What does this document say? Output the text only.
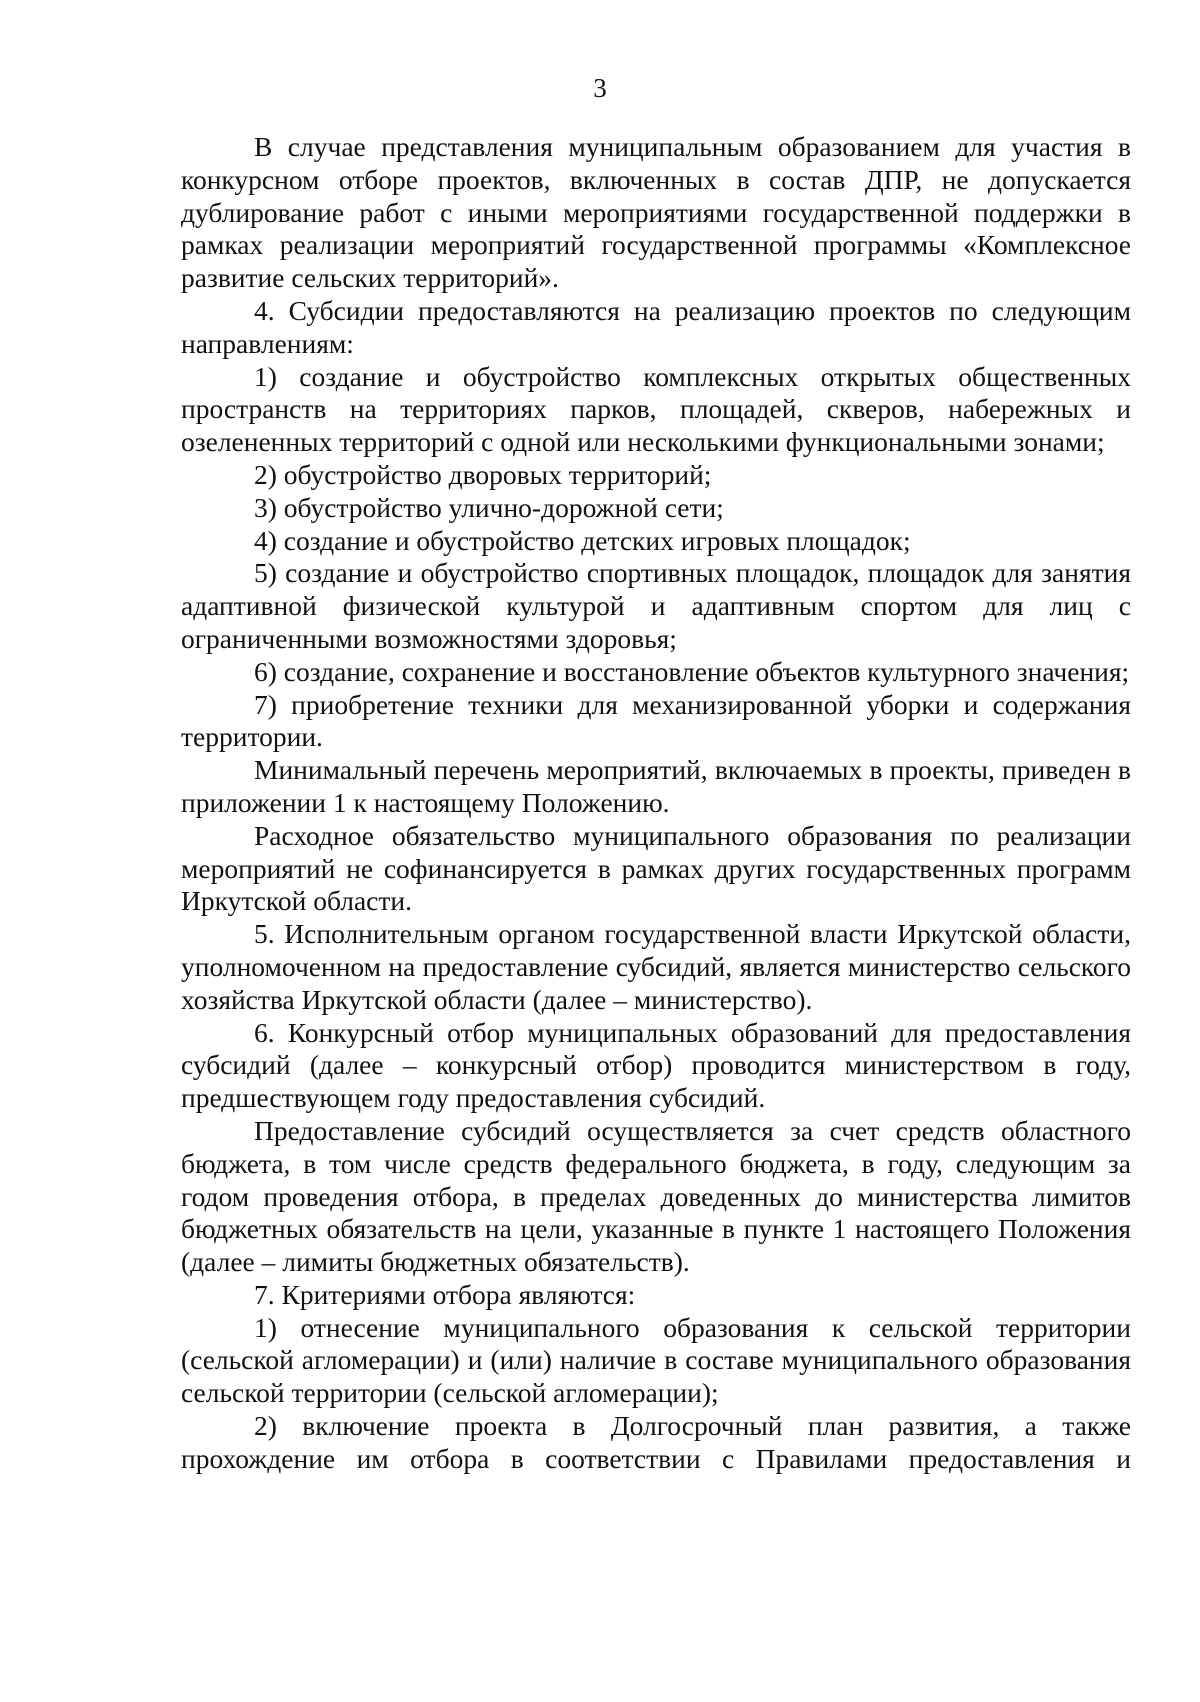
3

В случае представления муниципальным образованием для участия в конкурсном отборе проектов, включенных в состав ДПР, не допускается дублирование работ с иными мероприятиями государственной поддержки в рамках реализации мероприятий государственной программы «Комплексное развитие сельских территорий».

4. Субсидии предоставляются на реализацию проектов по следующим направлениям:

1) создание и обустройство комплексных открытых общественных пространств на территориях парков, площадей, скверов, набережных и озелененных территорий с одной или несколькими функциональными зонами;

2) обустройство дворовых территорий;

3) обустройство улично-дорожной сети;

4) создание и обустройство детских игровых площадок;

5) создание и обустройство спортивных площадок, площадок для занятия адаптивной физической культурой и адаптивным спортом для лиц с ограниченными возможностями здоровья;

6) создание, сохранение и восстановление объектов культурного значения;

7) приобретение техники для механизированной уборки и содержания территории.

Минимальный перечень мероприятий, включаемых в проекты, приведен в приложении 1 к настоящему Положению.

Расходное обязательство муниципального образования по реализации мероприятий не софинансируется в рамках других государственных программ Иркутской области.

5. Исполнительным органом государственной власти Иркутской области, уполномоченном на предоставление субсидий, является министерство сельского хозяйства Иркутской области (далее – министерство).

6. Конкурсный отбор муниципальных образований для предоставления субсидий (далее – конкурсный отбор) проводится министерством в году, предшествующем году предоставления субсидий.

Предоставление субсидий осуществляется за счет средств областного бюджета, в том числе средств федерального бюджета, в году, следующим за годом проведения отбора, в пределах доведенных до министерства лимитов бюджетных обязательств на цели, указанные в пункте 1 настоящего Положения (далее – лимиты бюджетных обязательств).

7. Критериями отбора являются:

1) отнесение муниципального образования к сельской территории (сельской агломерации) и (или) наличие в составе муниципального образования сельской территории (сельской агломерации);

2) включение проекта в Долгосрочный план развития, а также прохождение им отбора в соответствии с Правилами предоставления и
